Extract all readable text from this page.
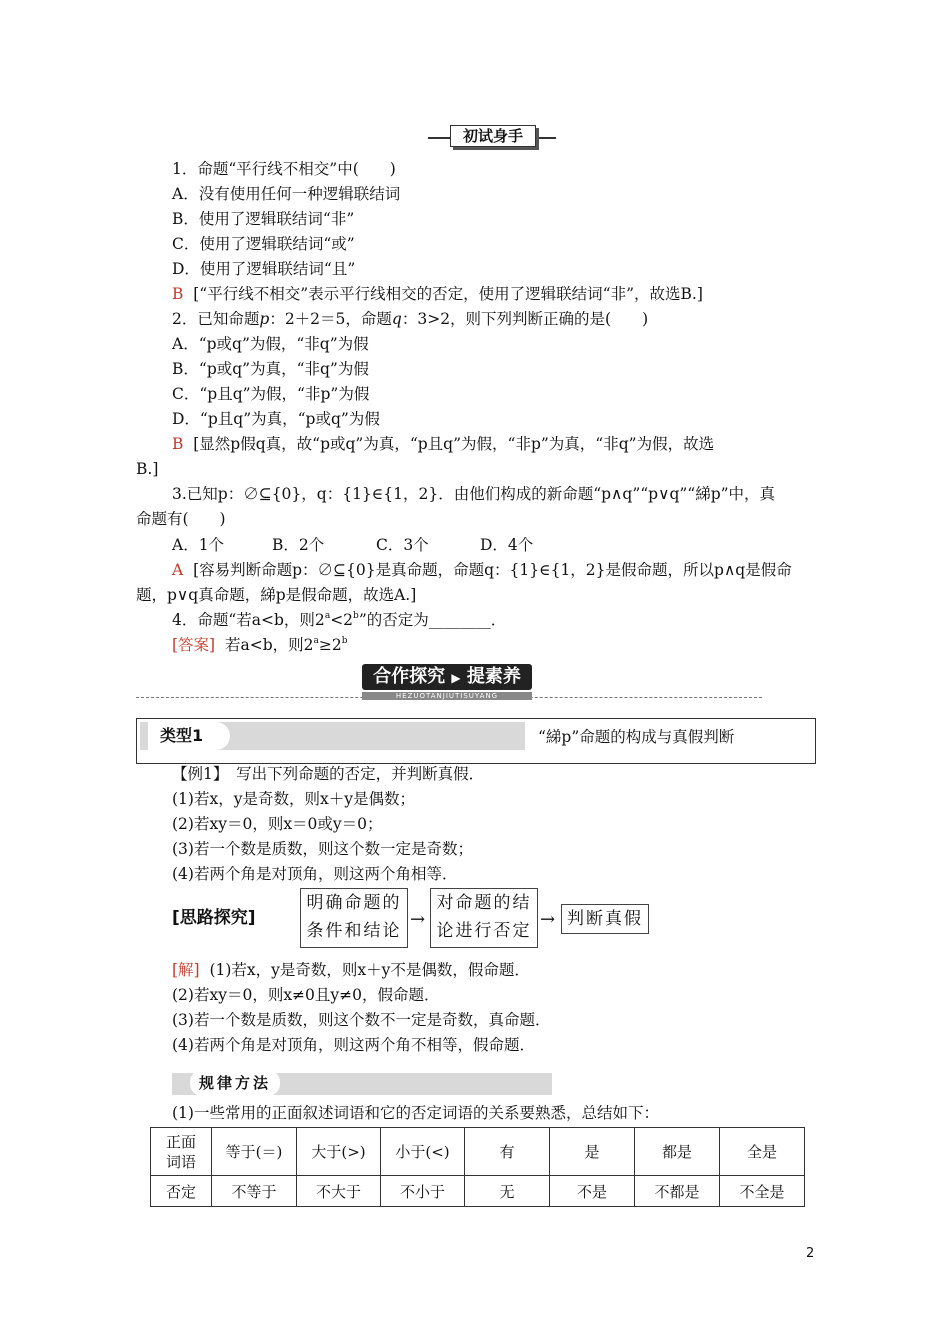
初试身手
1．命题“平行线不相交”中(　　)
A．没有使用任何一种逻辑联结词
B．使用了逻辑联结词“非”
C．使用了逻辑联结词“或”
D．使用了逻辑联结词“且”
B [“平行线不相交”表示平行线相交的否定，使用了逻辑联结词“非”，故选B.]
2．已知命题p：2＋2＝5，命题q：3>2，则下列判断正确的是(　　)
A．“p或q”为假，“非q”为假
B．“p或q”为真，“非q”为假
C．“p且q”为假，“非p”为假
D．“p且q”为真，“p或q”为假
B [显然p假q真，故“p或q”为真，“p且q”为假，“非p”为真，“非q”为假，故选
B.]
3.已知p：∅⊆{0}，q：{1}∈{1，2}．由他们构成的新命题“p∧q”“p∨q”“綈p”中，真
命题有(　　)
A．1个	B．2个	C．3个	D．4个
A [容易判断命题p：∅⊆{0}是真命题，命题q：{1}∈{1，2}是假命题，所以p∧q是假命
题，p∨q真命题，綈p是假命题，故选A.]
4．命题“若a<b，则$2^a<2^b$”的否定为________．
[答案] 若a<b，则$2^a\ge 2^b$
合作探究 ▶ 提素养
HEZUOTANJIUTISUYANG
类型1	“綈p”命题的构成与真假判断
【例1】　写出下列命题的否定，并判断真假．
(1)若x，y是奇数，则x＋y是偶数；
(2)若xy＝0，则x＝0或y＝0；
(3)若一个数是质数，则这个数一定是奇数；
(4)若两个角是对顶角，则这两个角相等．
[思路探究]
明确命题的
条件和结论
→
对命题的结
论进行否定
→ 判断真假
[解] (1)若x，y是奇数，则x＋y不是偶数，假命题．
(2)若xy＝0，则x≠0且y≠0，假命题．
(3)若一个数是质数，则这个数不一定是奇数，真命题．
(4)若两个角是对顶角，则这两个角不相等，假命题．
规律方法
(1)一些常用的正面叙述词语和它的否定词语的关系要熟悉，总结如下：
正面
词语	等于(＝)	大于(>)	小于(<)	有	是	都是	全是
否定	不等于	不大于	不小于	无	不是	不都是	不全是
2
